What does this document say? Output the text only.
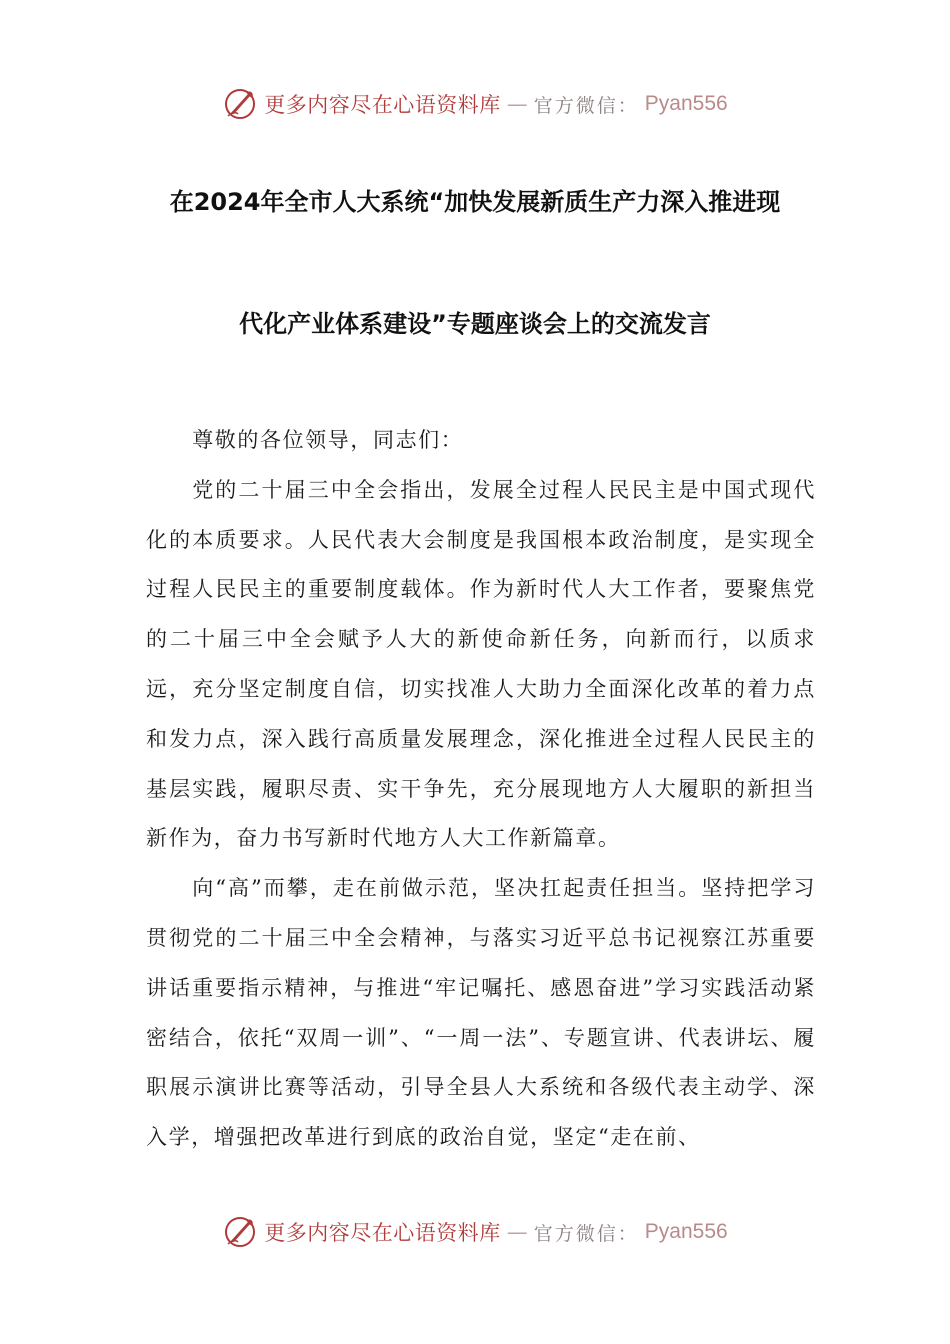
更多内容尽在心语资料库 — 官方微信： Pyan556
在2024年全市人大系统“加快发展新质生产力深入推进现
代化产业体系建设”专题座谈会上的交流发言

尊敬的各位领导，同志们：

党的二十届三中全会指出，发展全过程人民民主是中国式现代化的本质要求。人民代表大会制度是我国根本政治制度，是实现全过程人民民主的重要制度载体。作为新时代人大工作者，要聚焦党的二十届三中全会赋予人大的新使命新任务，向新而行，以质求远，充分坚定制度自信，切实找准人大助力全面深化改革的着力点和发力点，深入践行高质量发展理念，深化推进全过程人民民主的基层实践，履职尽责、实干争先，充分展现地方人大履职的新担当新作为，奋力书写新时代地方人大工作新篇章。

向“高”而攀，走在前做示范，坚决扛起责任担当。坚持把学习贯彻党的二十届三中全会精神，与落实习近平总书记视察江苏重要讲话重要指示精神，与推进“牢记嘱托、感恩奋进”学习实践活动紧密结合，依托“双周一训”、“一周一法”、专题宣讲、代表讲坛、履职展示演讲比赛等活动，引导全县人大系统和各级代表主动学、深入学，增强把改革进行到底的政治自觉，坚定“走在前、

更多内容尽在心语资料库 — 官方微信： Pyan556
